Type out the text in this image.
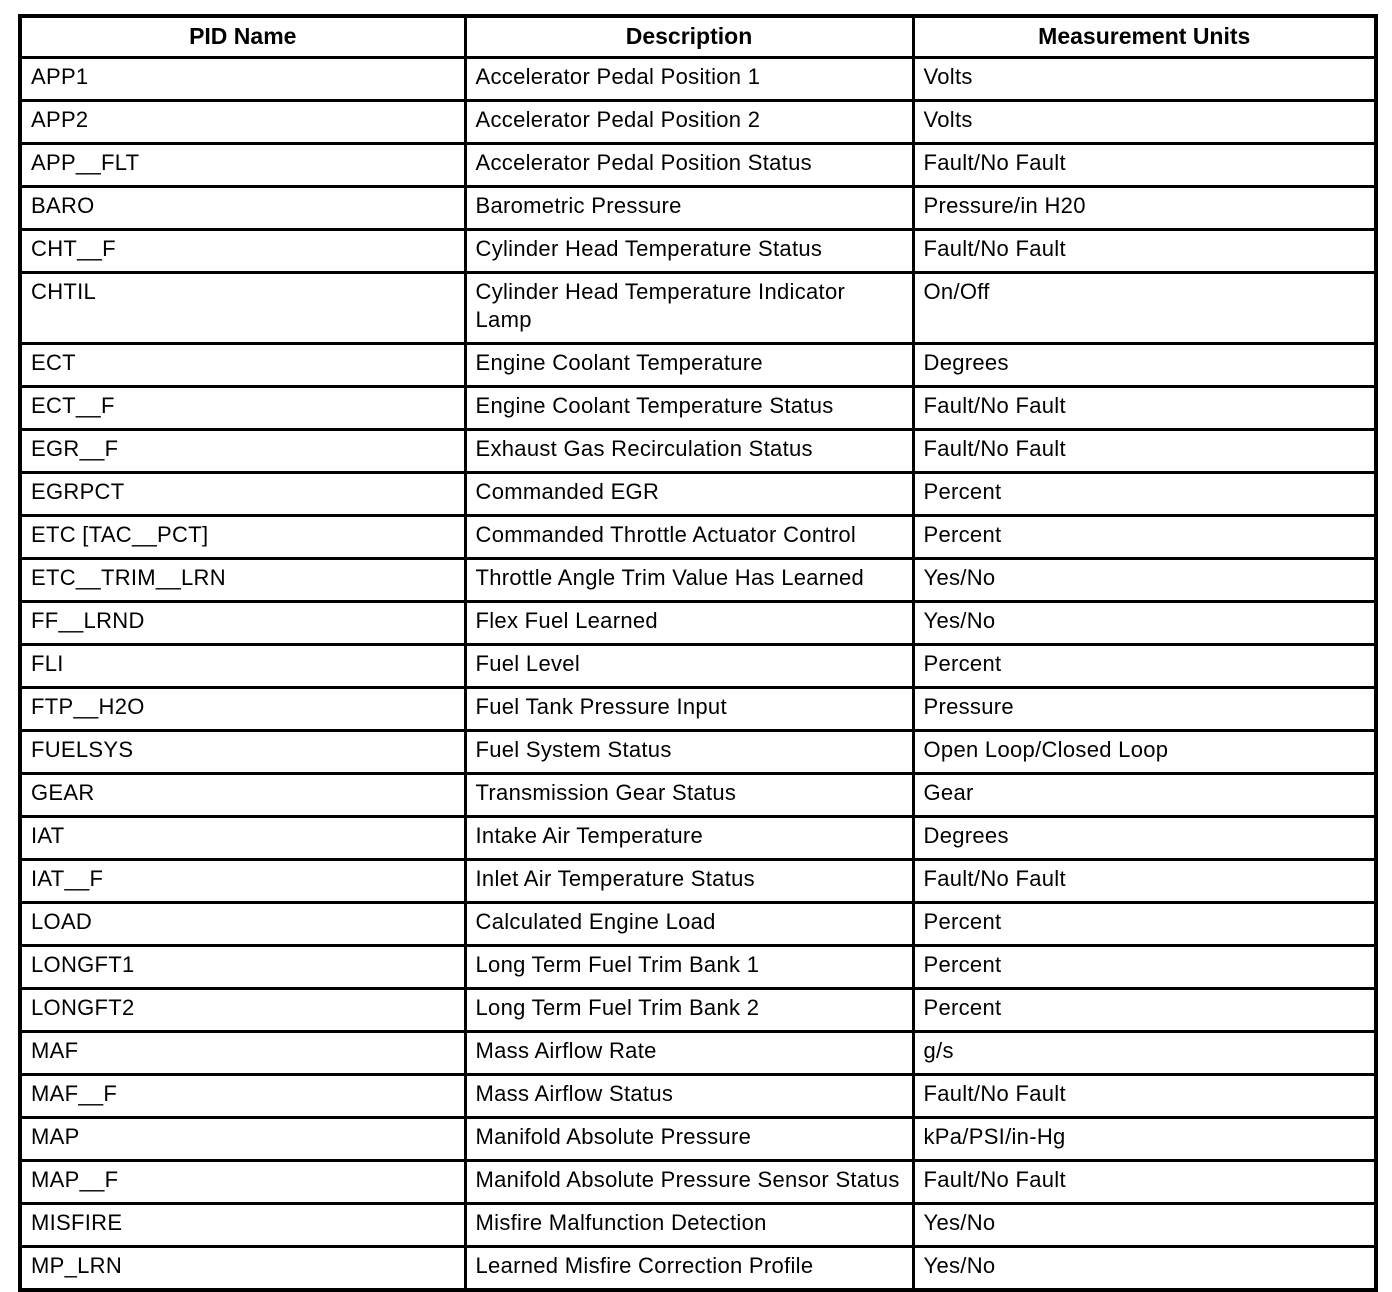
PID Name	Description	Measurement Units
APP1	Accelerator Pedal Position 1	Volts
APP2	Accelerator Pedal Position 2	Volts
APP__FLT	Accelerator Pedal Position Status	Fault/No Fault
BARO	Barometric Pressure	Pressure/in H20
CHT__F	Cylinder Head Temperature Status	Fault/No Fault
CHTIL	Cylinder Head Temperature Indicator Lamp	On/Off
ECT	Engine Coolant Temperature	Degrees
ECT__F	Engine Coolant Temperature Status	Fault/No Fault
EGR__F	Exhaust Gas Recirculation Status	Fault/No Fault
EGRPCT	Commanded EGR	Percent
ETC [TAC__PCT]	Commanded Throttle Actuator Control	Percent
ETC__TRIM__LRN	Throttle Angle Trim Value Has Learned	Yes/No
FF__LRND	Flex Fuel Learned	Yes/No
FLI	Fuel Level	Percent
FTP__H2O	Fuel Tank Pressure Input	Pressure
FUELSYS	Fuel System Status	Open Loop/Closed Loop
GEAR	Transmission Gear Status	Gear
IAT	Intake Air Temperature	Degrees
IAT__F	Inlet Air Temperature Status	Fault/No Fault
LOAD	Calculated Engine Load	Percent
LONGFT1	Long Term Fuel Trim Bank 1	Percent
LONGFT2	Long Term Fuel Trim Bank 2	Percent
MAF	Mass Airflow Rate	g/s
MAF__F	Mass Airflow Status	Fault/No Fault
MAP	Manifold Absolute Pressure	kPa/PSI/in-Hg
MAP__F	Manifold Absolute Pressure Sensor Status	Fault/No Fault
MISFIRE	Misfire Malfunction Detection	Yes/No
MP_LRN	Learned Misfire Correction Profile	Yes/No
